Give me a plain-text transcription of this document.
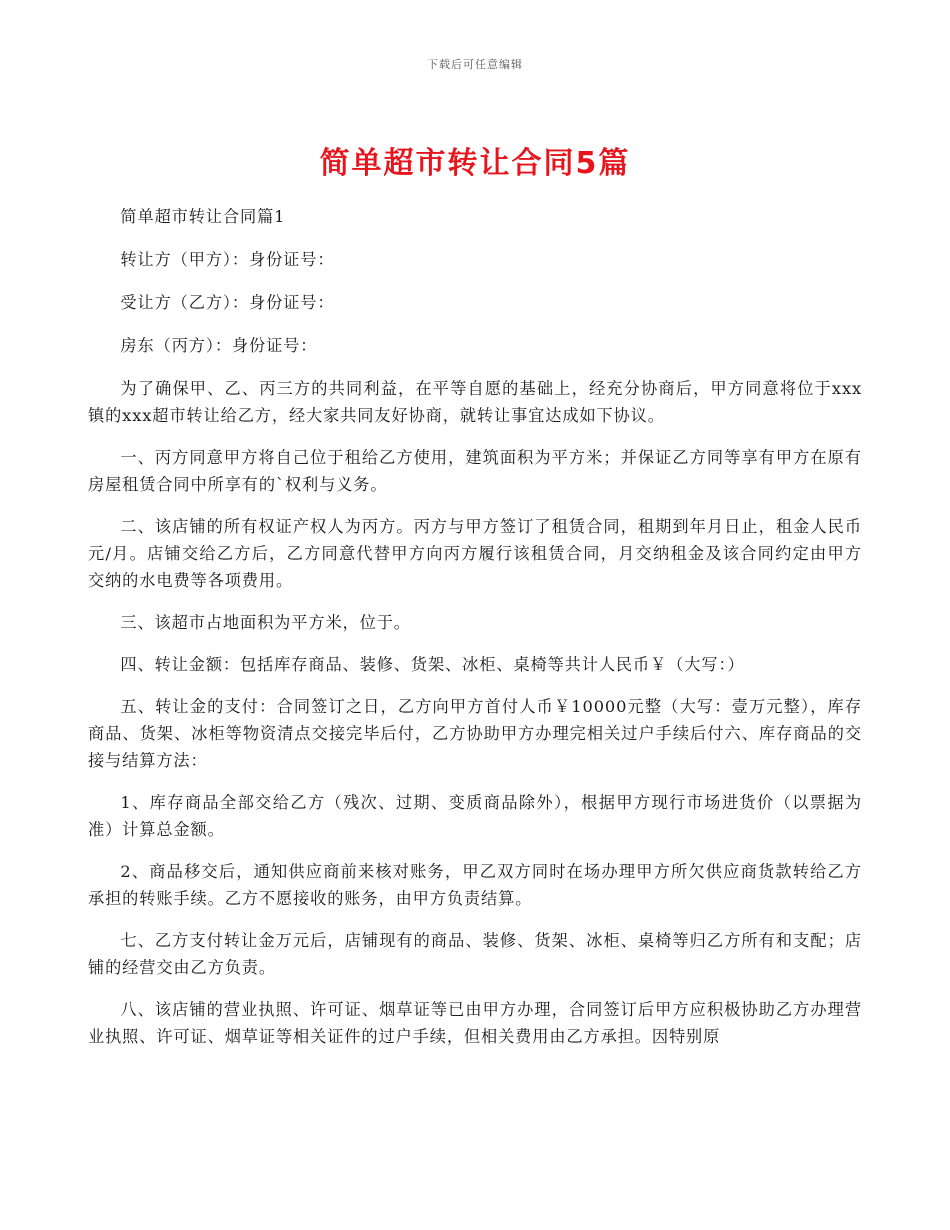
下载后可任意编辑
简单超市转让合同5篇

简单超市转让合同篇1

转让方（甲方）：身份证号：

受让方（乙方）：身份证号：

房东（丙方）：身份证号：

为了确保甲、乙、丙三方的共同利益，在平等自愿的基础上，经充分协商后，甲方同意将位于xxx镇的xxx超市转让给乙方，经大家共同友好协商，就转让事宜达成如下协议。

一、丙方同意甲方将自己位于租给乙方使用，建筑面积为平方米；并保证乙方同等享有甲方在原有房屋租赁合同中所享有的`权利与义务。

二、该店铺的所有权证产权人为丙方。丙方与甲方签订了租赁合同，租期到年月日止，租金人民币元/月。店铺交给乙方后，乙方同意代替甲方向丙方履行该租赁合同，月交纳租金及该合同约定由甲方交纳的水电费等各项费用。

三、该超市占地面积为平方米，位于。

四、转让金额：包括库存商品、装修、货架、冰柜、桌椅等共计人民币￥（大写：）

五、转让金的支付：合同签订之日，乙方向甲方首付人币￥10000元整（大写：壹万元整），库存商品、货架、冰柜等物资清点交接完毕后付，乙方协助甲方办理完相关过户手续后付六、库存商品的交接与结算方法：

1、库存商品全部交给乙方（残次、过期、变质商品除外），根据甲方现行市场进货价（以票据为准）计算总金额。

2、商品移交后，通知供应商前来核对账务，甲乙双方同时在场办理甲方所欠供应商货款转给乙方承担的转账手续。乙方不愿接收的账务，由甲方负责结算。

七、乙方支付转让金万元后，店铺现有的商品、装修、货架、冰柜、桌椅等归乙方所有和支配；店铺的经营交由乙方负责。

八、该店铺的营业执照、许可证、烟草证等已由甲方办理，合同签订后甲方应积极协助乙方办理营业执照、许可证、烟草证等相关证件的过户手续，但相关费用由乙方承担。因特别原
